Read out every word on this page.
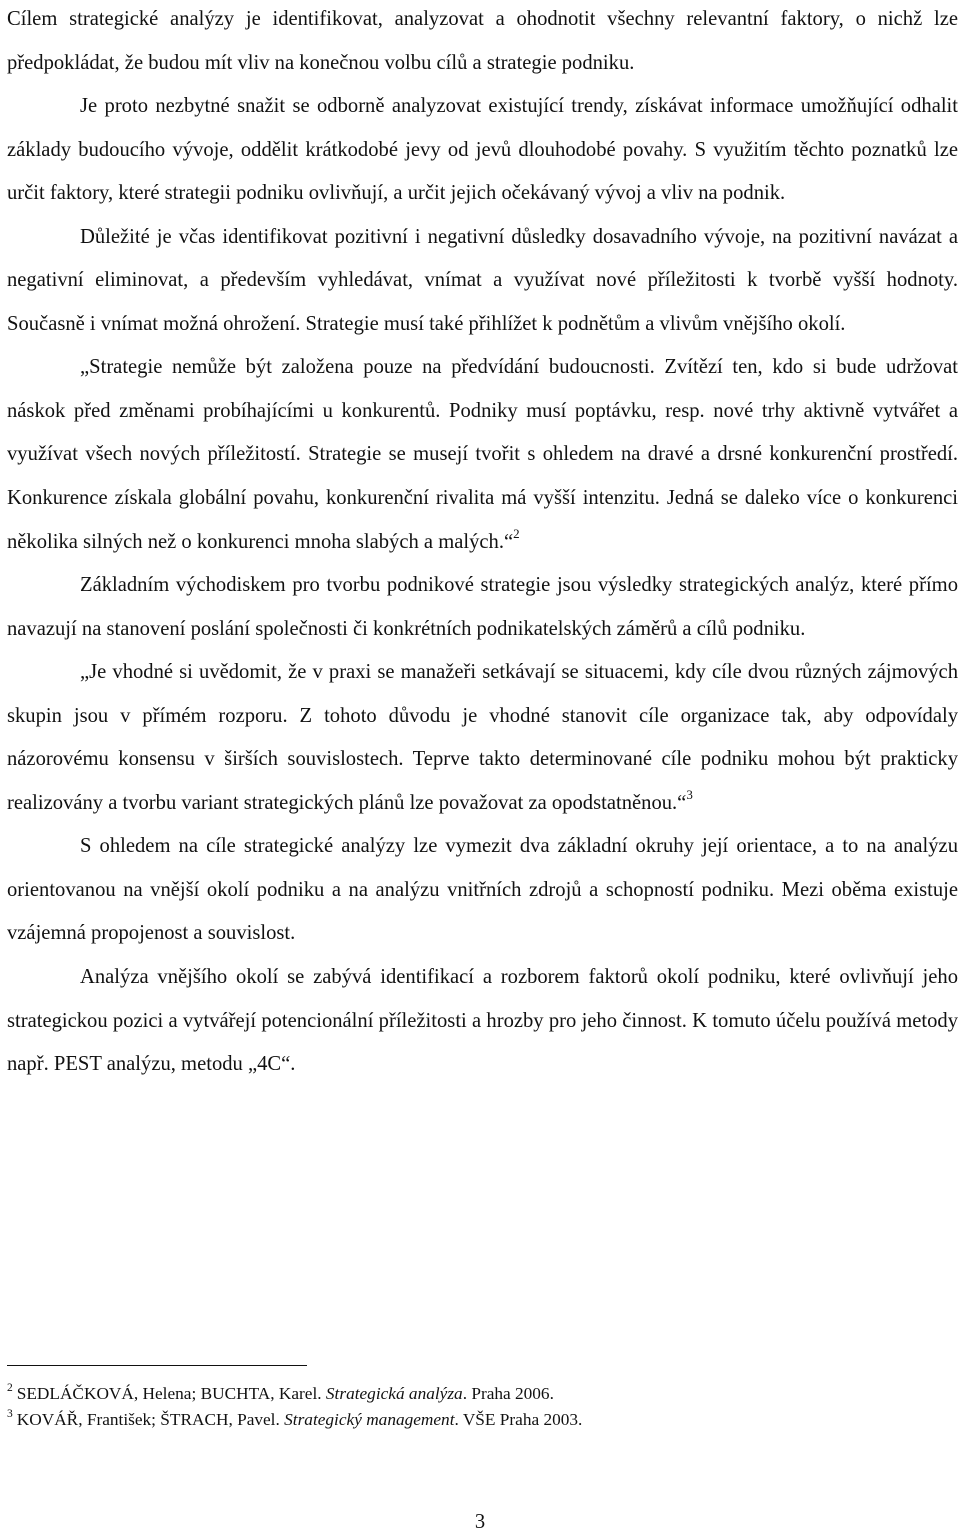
Cílem strategické analýzy je identifikovat, analyzovat a ohodnotit všechny relevantní faktory, o nichž lze předpokládat, že budou mít vliv na konečnou volbu cílů a strategie podniku.

Je proto nezbytné snažit se odborně analyzovat existující trendy, získávat informace umožňující odhalit základy budoucího vývoje, oddělit krátkodobé jevy od jevů dlouhodobé povahy. S využitím těchto poznatků lze určit faktory, které strategii podniku ovlivňují, a určit jejich očekávaný vývoj a vliv na podnik.

Důležité je včas identifikovat pozitivní i negativní důsledky dosavadního vývoje, na pozitivní navázat a negativní eliminovat, a především vyhledávat, vnímat a využívat nové příležitosti k tvorbě vyšší hodnoty. Současně i vnímat možná ohrožení. Strategie musí také přihlížet k podnětům a vlivům vnějšího okolí.

„Strategie nemůže být založena pouze na předvídání budoucnosti. Zvítězí ten, kdo si bude udržovat náskok před změnami probíhajícími u konkurentů. Podniky musí poptávku, resp. nové trhy aktivně vytvářet a využívat všech nových příležitostí. Strategie se musejí tvořit s ohledem na dravé a drsné konkurenční prostředí. Konkurence získala globální povahu, konkurenční rivalita má vyšší intenzitu. Jedná se daleko více o konkurenci několika silných než o konkurenci mnoha slabých a malých.“$^2$

Základním východiskem pro tvorbu podnikové strategie jsou výsledky strategických analýz, které přímo navazují na stanovení poslání společnosti či konkrétních podnikatelských záměrů a cílů podniku.

„Je vhodné si uvědomit, že v praxi se manažeři setkávají se situacemi, kdy cíle dvou různých zájmových skupin jsou v přímém rozporu. Z tohoto důvodu je vhodné stanovit cíle organizace tak, aby odpovídaly názorovému konsensu v širších souvislostech. Teprve takto determinované cíle podniku mohou být prakticky realizovány a tvorbu variant strategických plánů lze považovat za opodstatněnou.“$^3$

S ohledem na cíle strategické analýzy lze vymezit dva základní okruhy její orientace, a to na analýzu orientovanou na vnější okolí podniku a na analýzu vnitřních zdrojů a schopností podniku. Mezi oběma existuje vzájemná propojenost a souvislost.

Analýza vnějšího okolí se zabývá identifikací a rozborem faktorů okolí podniku, které ovlivňují jeho strategickou pozici a vytvářejí potencionální příležitosti a hrozby pro jeho činnost. K tomuto účelu používá metody např. PEST analýzu, metodu „4C“.

$^2$ SEDLÁČKOVÁ, Helena; BUCHTA, Karel. Strategická analýza. Praha 2006.

$^3$ KOVÁŘ, František; ŠTRACH, Pavel. Strategický management. VŠE Praha 2003.

3
